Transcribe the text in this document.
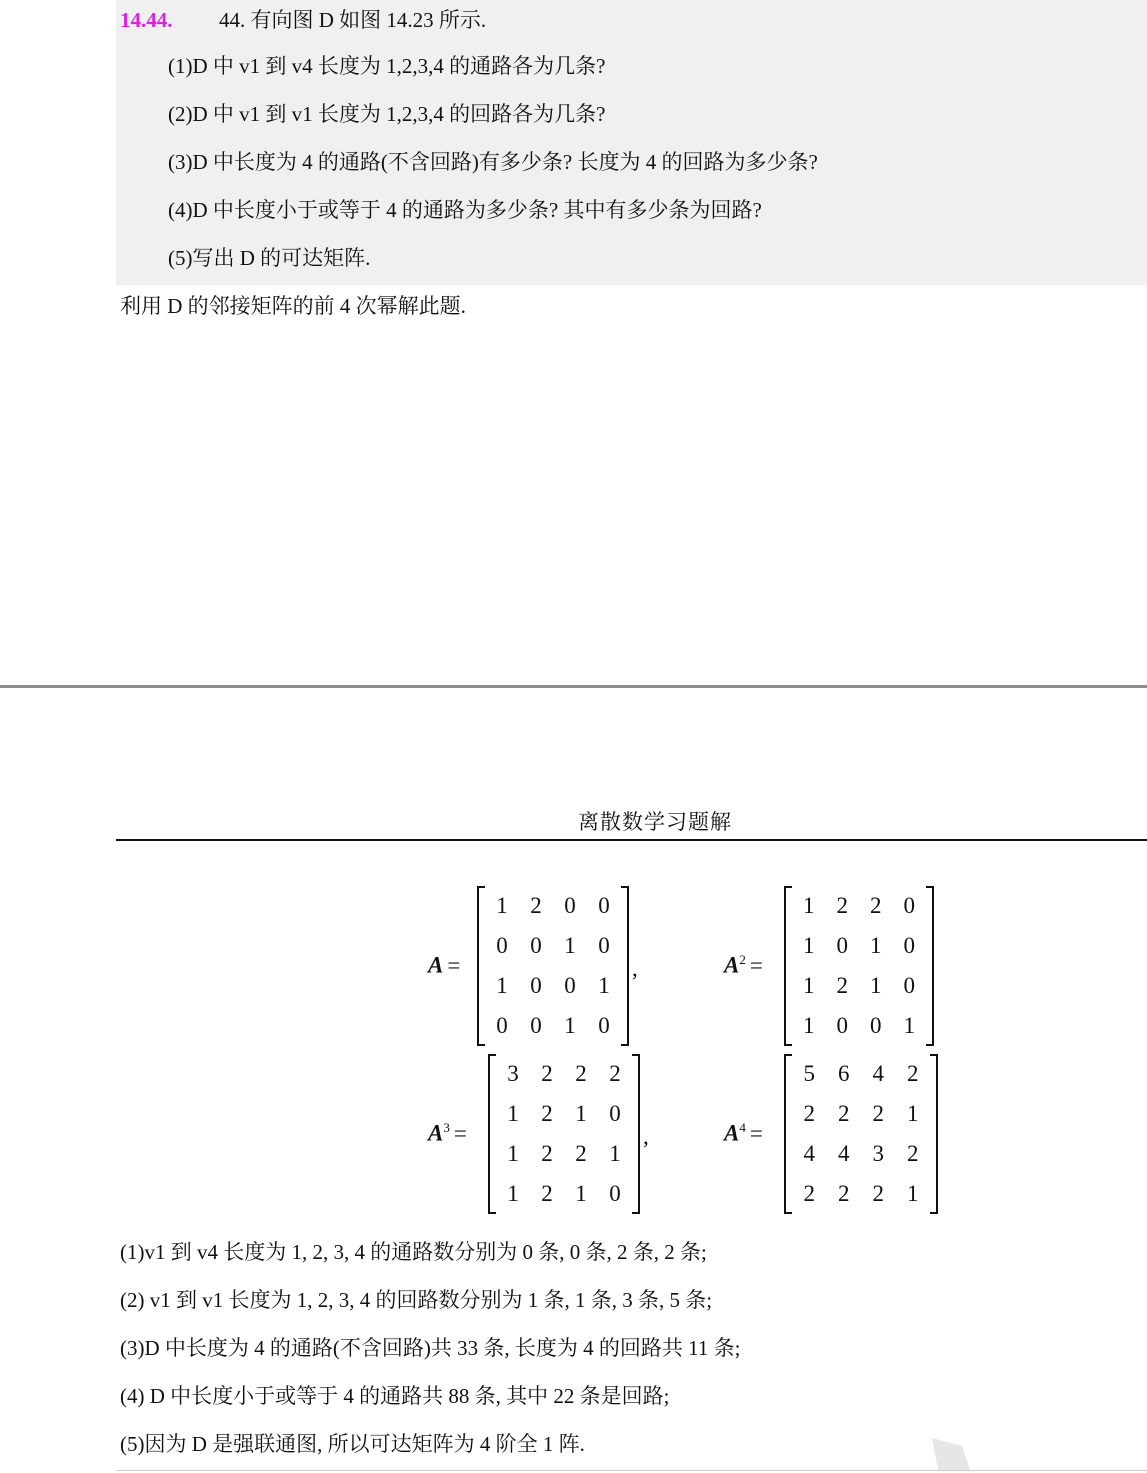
14.44. 44. 有向图 D 如图 14.23 所示.
(1)D 中 v1 到 v4 长度为 1,2,3,4 的通路各为几条?
(2)D 中 v1 到 v1 长度为 1,2,3,4 的回路各为几条?
(3)D 中长度为 4 的通路(不含回路)有多少条? 长度为 4 的回路为多少条?
(4)D 中长度小于或等于 4 的通路为多少条? 其中有多少条为回路?
(5)写出 D 的可达矩阵.
利用 D 的邻接矩阵的前 4 次幂解此题.
离散数学习题解
A =
1 2 0 0
0 0 1 0
1 0 0 1
0 0 1 0
,	$A^2$ =
1 2 2 0
1 0 1 0
1 2 1 0
1 0 0 1
$A^3$ =
3 2 2 2
1 2 1 0
1 2 2 1
1 2 1 0
,	$A^4$ =
5	6	4	2
2	2	2	1
4	4	3	2
2	2	2	1
(1)v1 到 v4 长度为 1, 2, 3, 4 的通路数分别为 0 条, 0 条, 2 条, 2 条;
(2) v1 到 v1 长度为 1, 2, 3, 4 的回路数分别为 1 条, 1 条, 3 条, 5 条;
(3)D 中长度为 4 的通路(不含回路)共 33 条, 长度为 4 的回路共 11 条;
(4) D 中长度小于或等于 4 的通路共 88 条, 其中 22 条是回路;
(5)因为 D 是强联通图, 所以可达矩阵为 4 阶全 1 阵.
